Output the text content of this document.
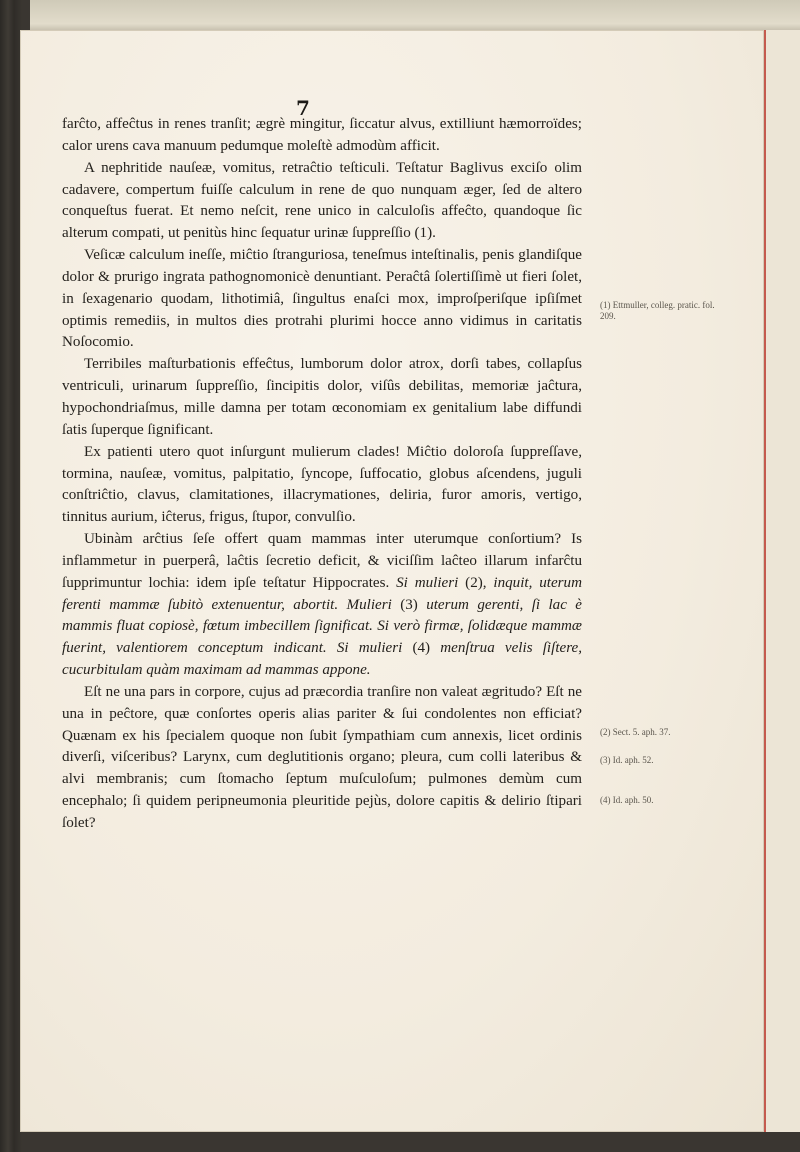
7

farĉto, affeĉtus in renes tranſit; ægrè mingitur, ſiccatur alvus, extilliunt hæmorroïdes; calor urens cava manuum pedumque moleſtè admodùm afficit.

A nephritide nauſeæ, vomitus, retraĉtio teſticuli. Teſtatur Baglivus exciſo olim cadavere, compertum fuiſſe calculum in rene de quo nunquam æger, ſed de altero conqueſtus fuerat. Et nemo neſcit, rene unico in calculoſis affeĉto, quandoque ſic alterum compati, ut penitùs hinc ſequatur urinæ ſuppreſſio (1).

Veſicæ calculum ineſſe, miĉtio ſtranguriosa, teneſmus inteſtinalis, penis glandiſque dolor & prurigo ingrata pathognomonicè denuntiant. Peraĉtâ ſolertiſſimè ut fieri ſolet, in ſexagenario quodam, lithotimiâ, ſingultus enaſci mox, improſperiſque ipſiſmet optimis remediis, in multos dies protrahi plurimi hocce anno vidimus in caritatis Noſocomio.

Terribiles maſturbationis effeĉtus, lumborum dolor atrox, dorſi tabes, collapſus ventriculi, urinarum ſuppreſſio, ſincipitis dolor, viſûs debilitas, memoriæ jaĉtura, hypochondriaſmus, mille damna per totam œconomiam ex genitalium labe diffundi ſatis ſuperque ſignificant.

Ex patienti utero quot inſurgunt mulierum clades! Miĉtio doloroſa ſuppreſſave, tormina, nauſeæ, vomitus, palpitatio, ſyncope, ſuffocatio, globus aſcendens, juguli conſtriĉtio, clavus, clamitationes, illacrymationes, deliria, furor amoris, vertigo, tinnitus aurium, iĉterus, frigus, ſtupor, convulſio.

Ubinàm arĉtius ſeſe offert quam mammas inter uterumque conſortium? Is inflammetur in puerperâ, laĉtis ſecretio deficit, & viciſſim laĉteo illarum infarĉtu ſupprimuntur lochia: idem ipſe teſtatur Hippocrates. Si mulieri (2), inquit, uterum ferenti mammæ ſubitò extenuentur, abortit. Mulieri (3) uterum gerenti, ſi lac è mammis fluat copiosè, fœtum imbecillem ſignificat. Si verò firmæ, ſolidæque mammæ fuerint, valentiorem conceptum indicant. Si mulieri (4) menſtrua velis ſiſtere, cucurbitulam quàm maximam ad mammas appone.

Eſt ne una pars in corpore, cujus ad præcordia tranſire non valeat ægritudo? Eſt ne una in peĉtore, quæ conſortes operis alias pariter & ſui condolentes non efficiat? Quænam ex his ſpecialem quoque non ſubit ſympathiam cum annexis, licet ordinis diverſi, viſceribus? Larynx, cum deglutitionis organo; pleura, cum colli lateribus & alvi membranis; cum ſtomacho ſeptum muſculoſum; pulmones demùm cum encephalo; ſi quidem peripneumonia pleuritide pejùs, dolore capitis & delirio ſtipari ſolet?

(1) Ettmuller, colleg. pratic. fol. 209.
(2) Sect. 5. aph. 37.
(3) Id. aph. 52.
(4) Id. aph. 50.
